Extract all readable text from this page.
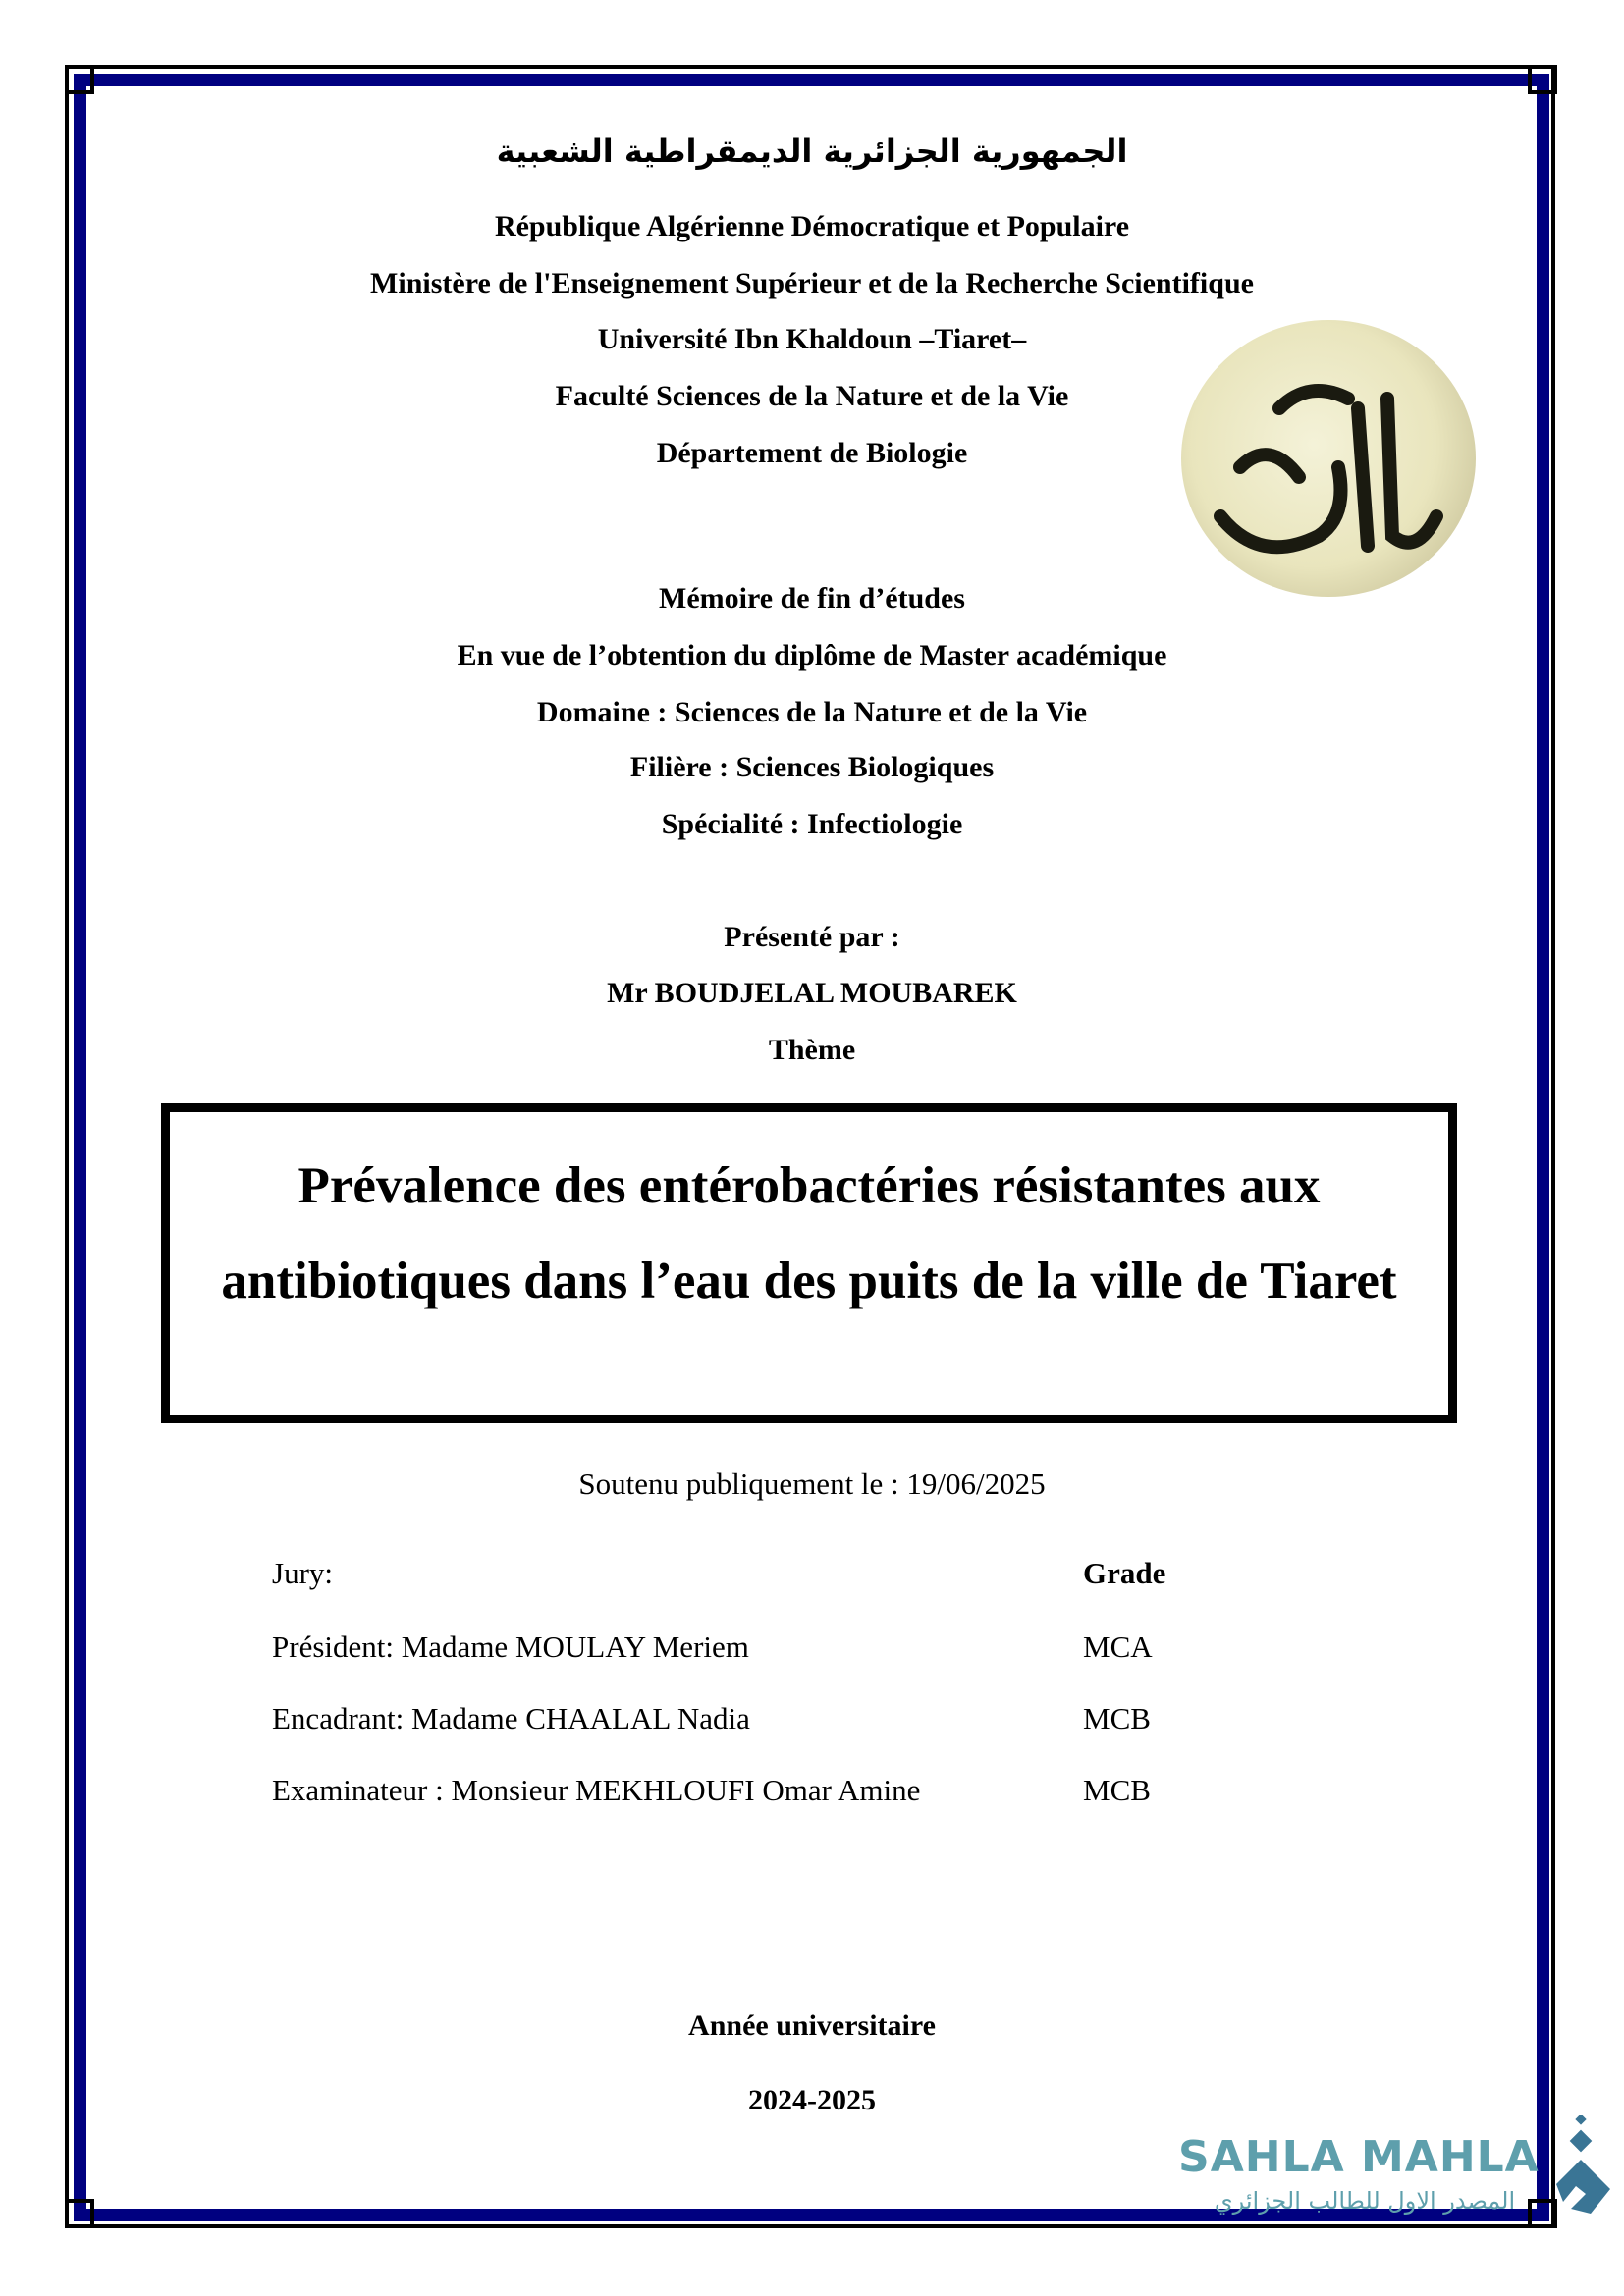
الجمهورية الجزائرية الديمقراطية الشعبية
République Algérienne Démocratique et Populaire
Ministère de l'Enseignement Supérieur et de la Recherche Scientifique
Université Ibn Khaldoun –Tiaret–
Faculté Sciences de la Nature et de la Vie
Département de Biologie
Mémoire de fin d’études
En vue de l’obtention du diplôme de Master académique
Domaine : Sciences de la Nature et de la Vie
Filière : Sciences Biologiques
Spécialité : Infectiologie
Présenté par :
Mr BOUDJELAL MOUBAREK
Thème
Prévalence des entérobactéries résistantes aux
antibiotiques dans l’eau des puits de la ville de Tiaret
Soutenu publiquement le : 19/06/2025
Jury:	Grade
Président: Madame MOULAY Meriem	MCA
Encadrant: Madame CHAALAL Nadia	MCB
Examinateur : Monsieur MEKHLOUFI Omar Amine	MCB
Année universitaire
2024-2025
SAHLA MAHLA
المصدر الاول للطالب الجزائري
